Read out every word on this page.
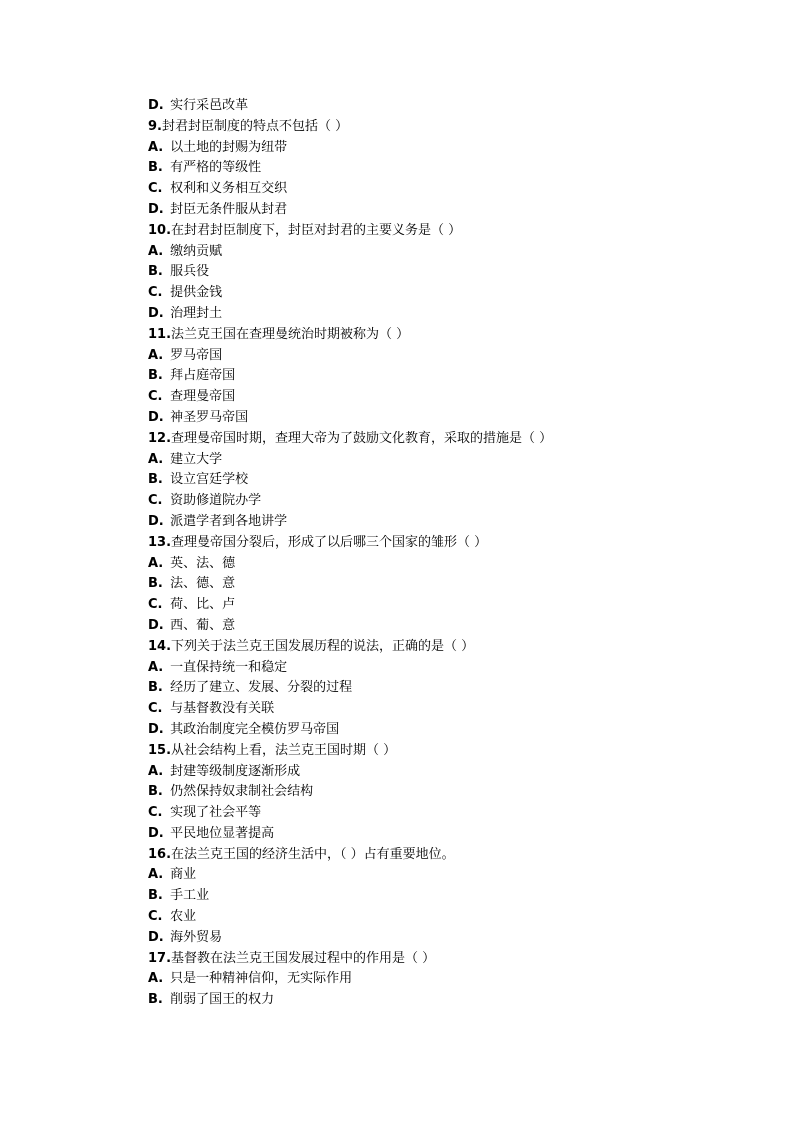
D. 实行采邑改革
9.封君封臣制度的特点不包括（ ）
A. 以土地的封赐为纽带
B. 有严格的等级性
C. 权利和义务相互交织
D. 封臣无条件服从封君
10.在封君封臣制度下，封臣对封君的主要义务是（ ）
A. 缴纳贡赋
B. 服兵役
C. 提供金钱
D. 治理封土
11.法兰克王国在查理曼统治时期被称为（ ）
A. 罗马帝国
B. 拜占庭帝国
C. 查理曼帝国
D. 神圣罗马帝国
12.查理曼帝国时期，查理大帝为了鼓励文化教育，采取的措施是（ ）
A. 建立大学
B. 设立宫廷学校
C. 资助修道院办学
D. 派遣学者到各地讲学
13.查理曼帝国分裂后，形成了以后哪三个国家的雏形（ ）
A. 英、法、德
B. 法、德、意
C. 荷、比、卢
D. 西、葡、意
14.下列关于法兰克王国发展历程的说法，正确的是（ ）
A. 一直保持统一和稳定
B. 经历了建立、发展、分裂的过程
C. 与基督教没有关联
D. 其政治制度完全模仿罗马帝国
15.从社会结构上看，法兰克王国时期（ ）
A. 封建等级制度逐渐形成
B. 仍然保持奴隶制社会结构
C. 实现了社会平等
D. 平民地位显著提高
16.在法兰克王国的经济生活中，（ ）占有重要地位。
A. 商业
B. 手工业
C. 农业
D. 海外贸易
17.基督教在法兰克王国发展过程中的作用是（ ）
A. 只是一种精神信仰，无实际作用
B. 削弱了国王的权力
